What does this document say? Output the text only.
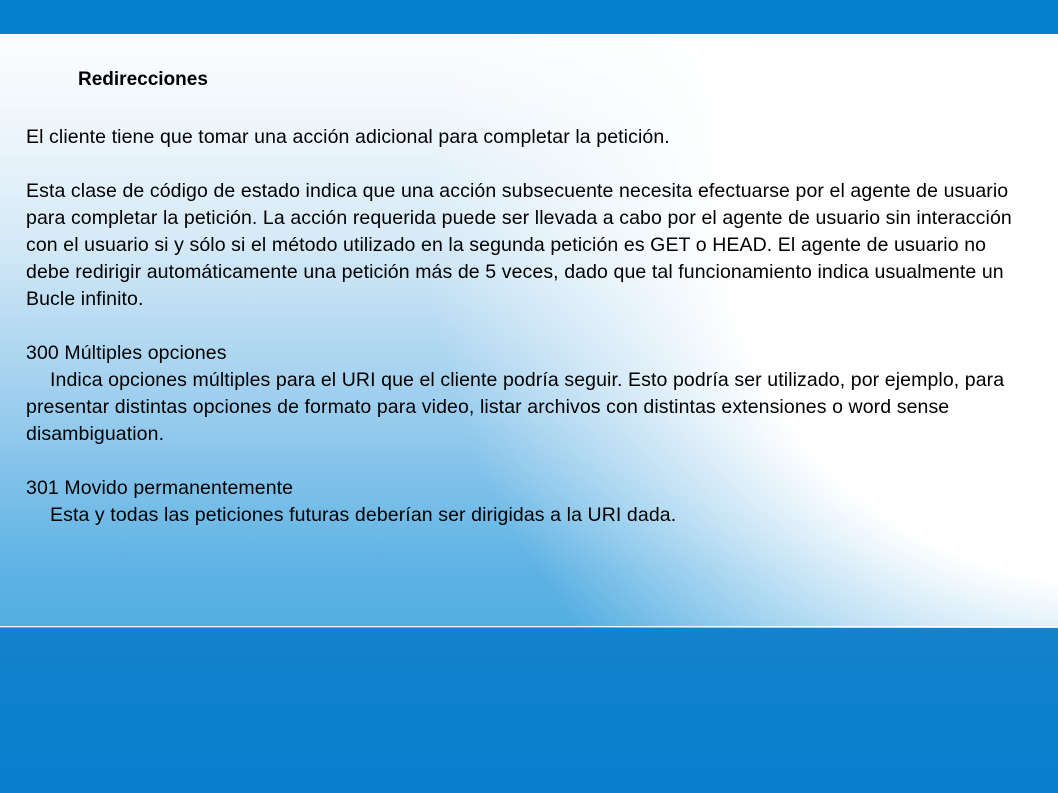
Redirecciones

El cliente tiene que tomar una acción adicional para completar la petición.

Esta clase de código de estado indica que una acción subsecuente necesita efectuarse por el agente de usuario para completar la petición. La acción requerida puede ser llevada a cabo por el agente de usuario sin interacción con el usuario si y sólo si el método utilizado en la segunda petición es GET o HEAD. El agente de usuario no debe redirigir automáticamente una petición más de 5 veces, dado que tal funcionamiento indica usualmente un Bucle infinito.

300 Múltiples opciones

Indica opciones múltiples para el URI que el cliente podría seguir. Esto podría ser utilizado, por ejemplo, para presentar distintas opciones de formato para video, listar archivos con distintas extensiones o word sense disambiguation.

301 Movido permanentemente

Esta y todas las peticiones futuras deberían ser dirigidas a la URI dada.
